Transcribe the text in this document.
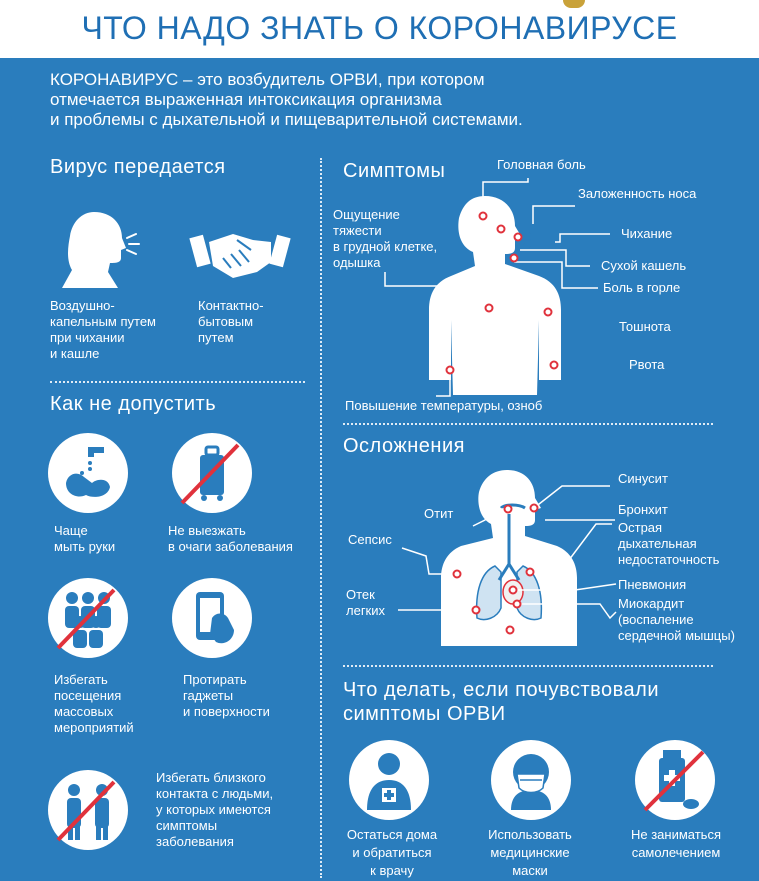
ЧТО НАДО ЗНАТЬ О КОРОНАВИРУСЕ
КОРОНАВИРУС – это возбудитель ОРВИ, при котором
отмечается выраженная интоксикация организма
и проблемы с дыхательной и пищеварительной системами.
Вирус передается
Воздушно-
капельным путем
при чихании
и кашле
Контактно-
бытовым
путем
Как не допустить
Чаще
мыть руки
Не выезжать
в очаги заболевания
Избегать
посещения
массовых
мероприятий
Протирать
гаджеты
и поверхности
Избегать близкого
контакта с людьми,
у которых имеются
симптомы
заболевания
Симптомы	Головная боль
Заложенность носа
Ощущение
тяжести
в грудной клетке,
одышка
Чихание
Сухой кашель
Боль в горле
Тошнота
Рвота
Повышение температуры, озноб
Осложнения
Синусит
Отит	Бронхит
Острая
дыхательная
недостаточность
Сепсис
Пневмония
Отек
легких	Миокардит
(воспаление
сердечной мышцы)
Что делать, если почувствовали
симптомы ОРВИ
Остаться дома
и обратиться
к врачу
Использовать
медицинские
маски
Не заниматься
самолечением
